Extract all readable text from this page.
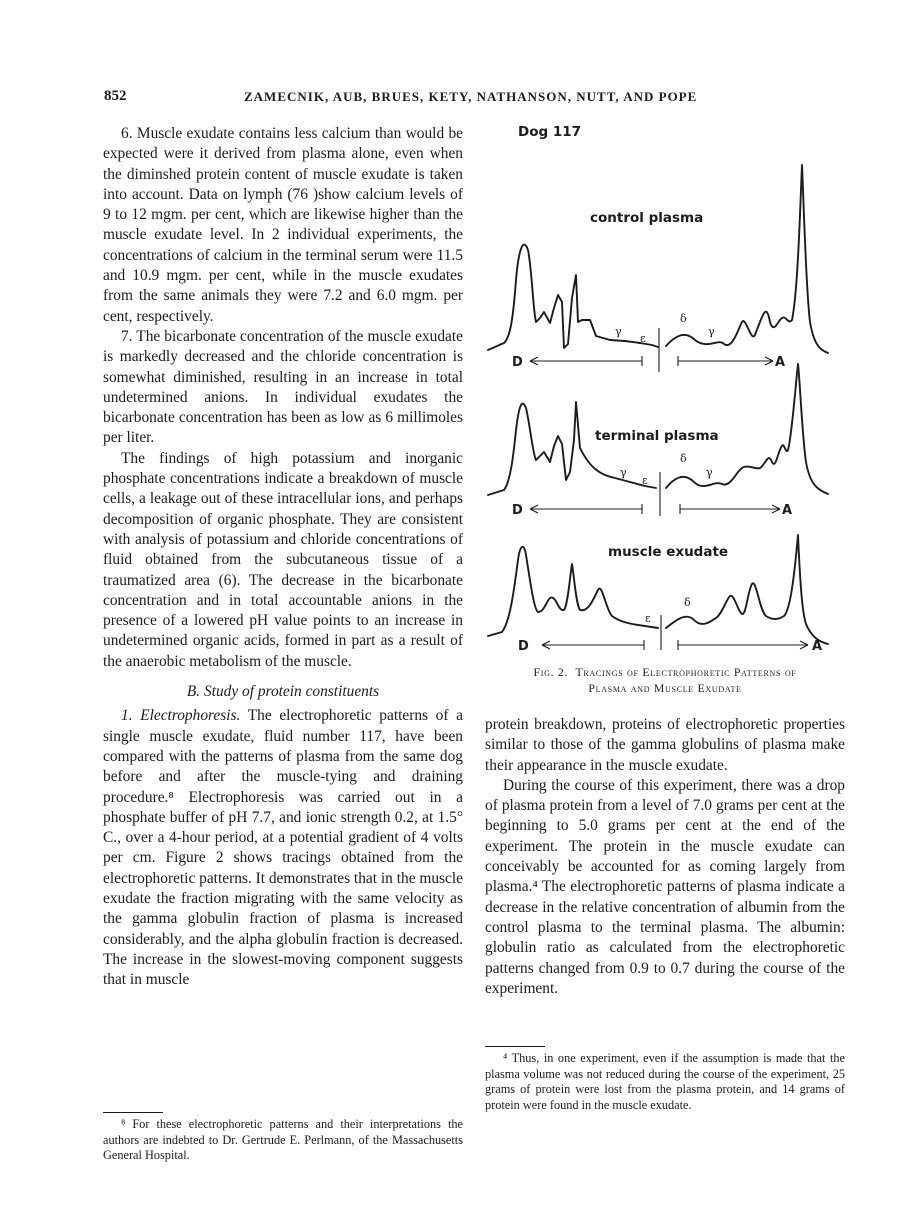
852	ZAMECNIK, AUB, BRUES, KETY, NATHANSON, NUTT, AND POPE

6. Muscle exudate contains less calcium than would be expected were it derived from plasma alone, even when the diminshed protein content of muscle exudate is taken into account. Data on lymph (76 )show calcium levels of 9 to 12 mgm. per cent, which are likewise higher than the muscle exudate level. In 2 individual experiments, the concentrations of calcium in the terminal serum were 11.5 and 10.9 mgm. per cent, while in the muscle exudates from the same animals they were 7.2 and 6.0 mgm. per cent, respectively.

7. The bicarbonate concentration of the muscle exudate is markedly decreased and the chloride concentration is somewhat diminished, resulting in an increase in total undetermined anions. In individual exudates the bicarbonate concentration has been as low as 6 millimoles per liter.

The findings of high potassium and inorganic phosphate concentrations indicate a breakdown of muscle cells, a leakage out of these intracellular ions, and perhaps decomposition of organic phosphate. They are consistent with analysis of potassium and chloride concentrations of fluid obtained from the subcutaneous tissue of a traumatized area (6). The decrease in the bicarbonate concentration and in total accountable anions in the presence of a lowered pH value points to an increase in undetermined organic acids, formed in part as a result of the anaerobic metabolism of the muscle.

B. Study of protein constituents

1. Electrophoresis. The electrophoretic patterns of a single muscle exudate, fluid number 117, have been compared with the patterns of plasma from the same dog before and after the muscle-tying and draining procedure.⁸ Electrophoresis was carried out in a phosphate buffer of pH 7.7, and ionic strength 0.2, at 1.5° C., over a 4-hour period, at a potential gradient of 4 volts per cm. Figure 2 shows tracings obtained from the electrophoretic patterns. It demonstrates that in the muscle exudate the fraction migrating with the same velocity as the gamma globulin fraction of plasma is increased considerably, and the alpha globulin fraction is decreased. The increase in the slowest-moving component suggests that in muscle

⁸ For these electrophoretic patterns and their interpretations the authors are indebted to Dr. Gertrude E. Perlmann, of the Massachusetts General Hospital.

Dog 117
control plasma
γ
ε
δ
γ
D	A
terminal plasma
γ
ε
δ
γ
D	A
muscle exudate
ε
δ
D	A
Fig. 2. Tracings of Electrophoretic Patterns of
Plasma and Muscle Exudate

protein breakdown, proteins of electrophoretic properties similar to those of the gamma globulins of plasma make their appearance in the muscle exudate.

During the course of this experiment, there was a drop of plasma protein from a level of 7.0 grams per cent at the beginning to 5.0 grams per cent at the end of the experiment. The protein in the muscle exudate can conceivably be accounted for as coming largely from plasma.⁴ The electrophoretic patterns of plasma indicate a decrease in the relative concentration of albumin from the control plasma to the terminal plasma. The albumin: globulin ratio as calculated from the electrophoretic patterns changed from 0.9 to 0.7 during the course of the experiment.

⁴ Thus, in one experiment, even if the assumption is made that the plasma volume was not reduced during the course of the experiment, 25 grams of protein were lost from the plasma protein, and 14 grams of protein were found in the muscle exudate.
